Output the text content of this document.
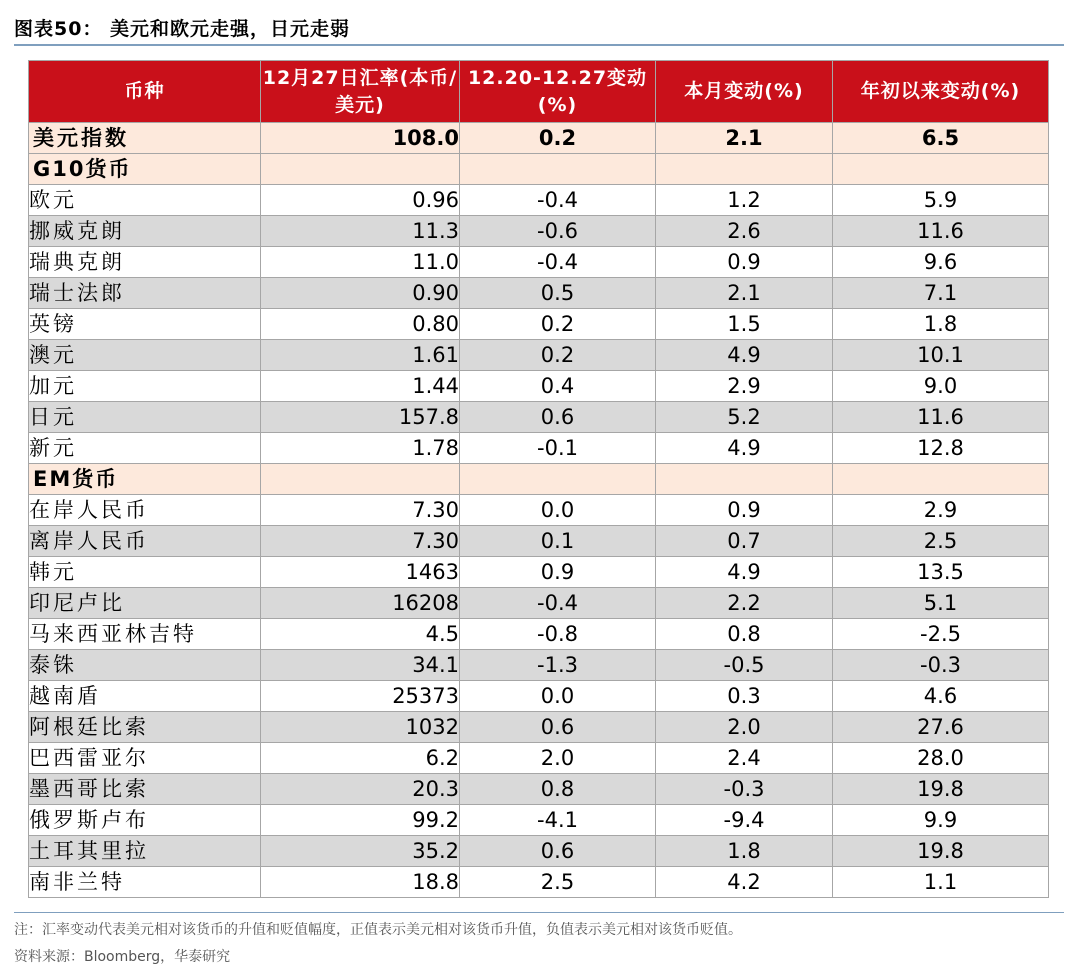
图表50： 美元和欧元走强，日元走弱
币种	12月27日汇率(本币/美元)	12.20-12.27变动(%)	本月变动(%)	年初以来变动(%)
美元指数	108.0	0.2	2.1	6.5
G10货币				
欧元	0.96	-0.4	1.2	5.9
挪威克朗	11.3	-0.6	2.6	11.6
瑞典克朗	11.0	-0.4	0.9	9.6
瑞士法郎	0.90	0.5	2.1	7.1
英镑	0.80	0.2	1.5	1.8
澳元	1.61	0.2	4.9	10.1
加元	1.44	0.4	2.9	9.0
日元	157.8	0.6	5.2	11.6
新元	1.78	-0.1	4.9	12.8
EM货币				
在岸人民币	7.30	0.0	0.9	2.9
离岸人民币	7.30	0.1	0.7	2.5
韩元	1463	0.9	4.9	13.5
印尼卢比	16208	-0.4	2.2	5.1
马来西亚林吉特	4.5	-0.8	0.8	-2.5
泰铢	34.1	-1.3	-0.5	-0.3
越南盾	25373	0.0	0.3	4.6
阿根廷比索	1032	0.6	2.0	27.6
巴西雷亚尔	6.2	2.0	2.4	28.0
墨西哥比索	20.3	0.8	-0.3	19.8
俄罗斯卢布	99.2	-4.1	-9.4	9.9
土耳其里拉	35.2	0.6	1.8	19.8
南非兰特	18.8	2.5	4.2	1.1
注：汇率变动代表美元相对该货币的升值和贬值幅度，正值表示美元相对该货币升值，负值表示美元相对该货币贬值。
资料来源：Bloomberg，华泰研究
